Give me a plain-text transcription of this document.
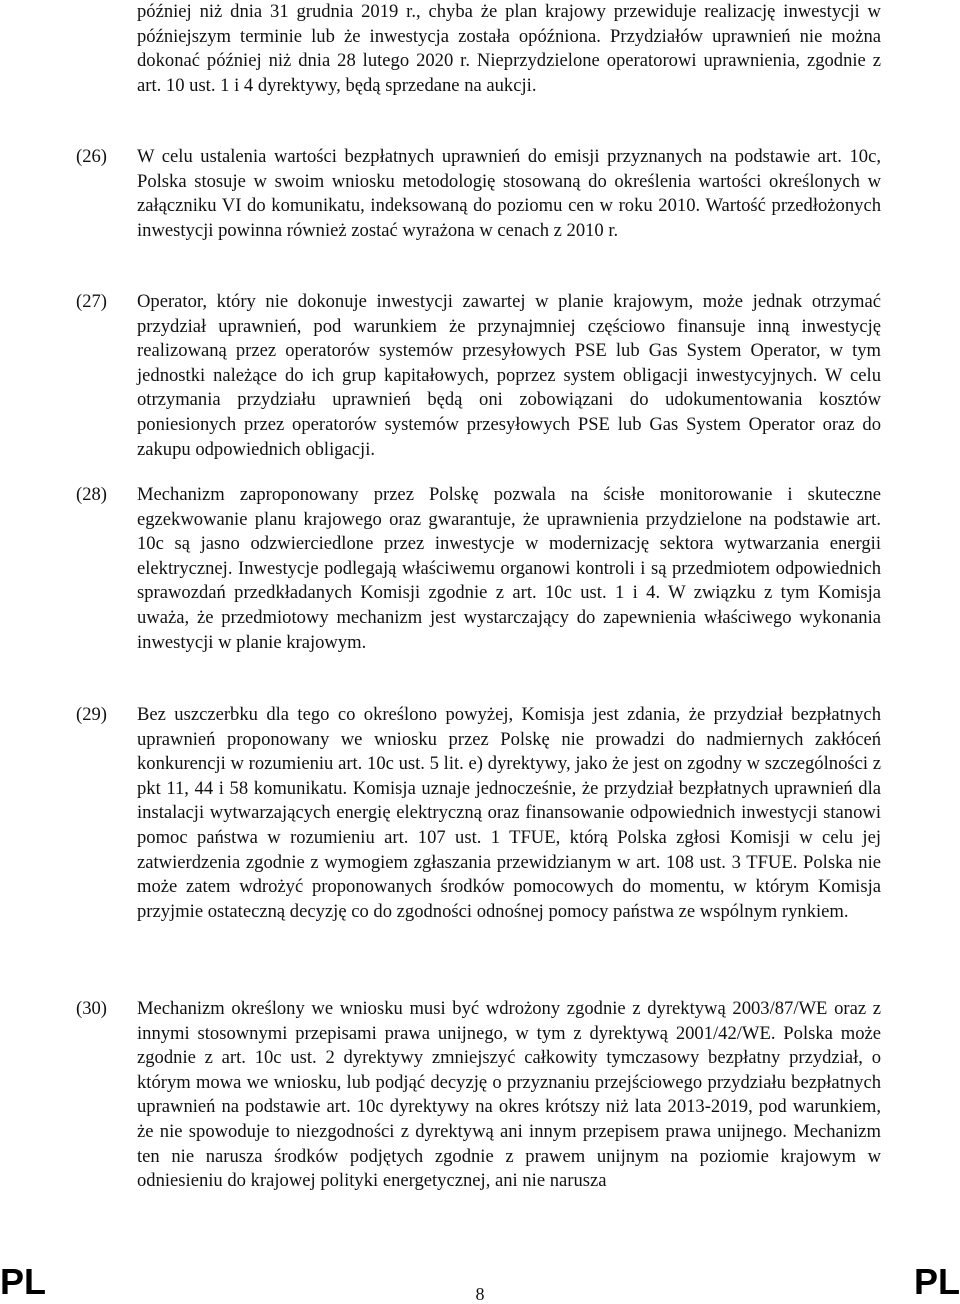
później niż dnia 31 grudnia 2019 r., chyba że plan krajowy przewiduje realizację inwestycji w późniejszym terminie lub że inwestycja została opóźniona. Przydziałów uprawnień nie można dokonać później niż dnia 28 lutego 2020 r. Nieprzydzielone operatorowi uprawnienia, zgodnie z art. 10 ust. 1 i 4 dyrektywy, będą sprzedane na aukcji.
(26) W celu ustalenia wartości bezpłatnych uprawnień do emisji przyznanych na podstawie art. 10c, Polska stosuje w swoim wniosku metodologię stosowaną do określenia wartości określonych w załączniku VI do komunikatu, indeksowaną do poziomu cen w roku 2010. Wartość przedłożonych inwestycji powinna również zostać wyrażona w cenach z 2010 r.
(27) Operator, który nie dokonuje inwestycji zawartej w planie krajowym, może jednak otrzymać przydział uprawnień, pod warunkiem że przynajmniej częściowo finansuje inną inwestycję realizowaną przez operatorów systemów przesyłowych PSE lub Gas System Operator, w tym jednostki należące do ich grup kapitałowych, poprzez system obligacji inwestycyjnych. W celu otrzymania przydziału uprawnień będą oni zobowiązani do udokumentowania kosztów poniesionych przez operatorów systemów przesyłowych PSE lub Gas System Operator oraz do zakupu odpowiednich obligacji.
(28) Mechanizm zaproponowany przez Polskę pozwala na ścisłe monitorowanie i skuteczne egzekwowanie planu krajowego oraz gwarantuje, że uprawnienia przydzielone na podstawie art. 10c są jasno odzwierciedlone przez inwestycje w modernizację sektora wytwarzania energii elektrycznej. Inwestycje podlegają właściwemu organowi kontroli i są przedmiotem odpowiednich sprawozdań przedkładanych Komisji zgodnie z art. 10c ust. 1 i 4. W związku z tym Komisja uważa, że przedmiotowy mechanizm jest wystarczający do zapewnienia właściwego wykonania inwestycji w planie krajowym.
(29) Bez uszczerbku dla tego co określono powyżej, Komisja jest zdania, że przydział bezpłatnych uprawnień proponowany we wniosku przez Polskę nie prowadzi do nadmiernych zakłóceń konkurencji w rozumieniu art. 10c ust. 5 lit. e) dyrektywy, jako że jest on zgodny w szczególności z pkt 11, 44 i 58 komunikatu. Komisja uznaje jednocześnie, że przydział bezpłatnych uprawnień dla instalacji wytwarzających energię elektryczną oraz finansowanie odpowiednich inwestycji stanowi pomoc państwa w rozumieniu art. 107 ust. 1 TFUE, którą Polska zgłosi Komisji w celu jej zatwierdzenia zgodnie z wymogiem zgłaszania przewidzianym w art. 108 ust. 3 TFUE. Polska nie może zatem wdrożyć proponowanych środków pomocowych do momentu, w którym Komisja przyjmie ostateczną decyzję co do zgodności odnośnej pomocy państwa ze wspólnym rynkiem.
(30) Mechanizm określony we wniosku musi być wdrożony zgodnie z dyrektywą 2003/87/WE oraz z innymi stosownymi przepisami prawa unijnego, w tym z dyrektywą 2001/42/WE. Polska może zgodnie z art. 10c ust. 2 dyrektywy zmniejszyć całkowity tymczasowy bezpłatny przydział, o którym mowa we wniosku, lub podjąć decyzję o przyznaniu przejściowego przydziału bezpłatnych uprawnień na podstawie art. 10c dyrektywy na okres krótszy niż lata 2013-2019, pod warunkiem, że nie spowoduje to niezgodności z dyrektywą ani innym przepisem prawa unijnego. Mechanizm ten nie narusza środków podjętych zgodnie z prawem unijnym na poziomie krajowym w odniesieniu do krajowej polityki energetycznej, ani nie narusza
PL	8	PL
